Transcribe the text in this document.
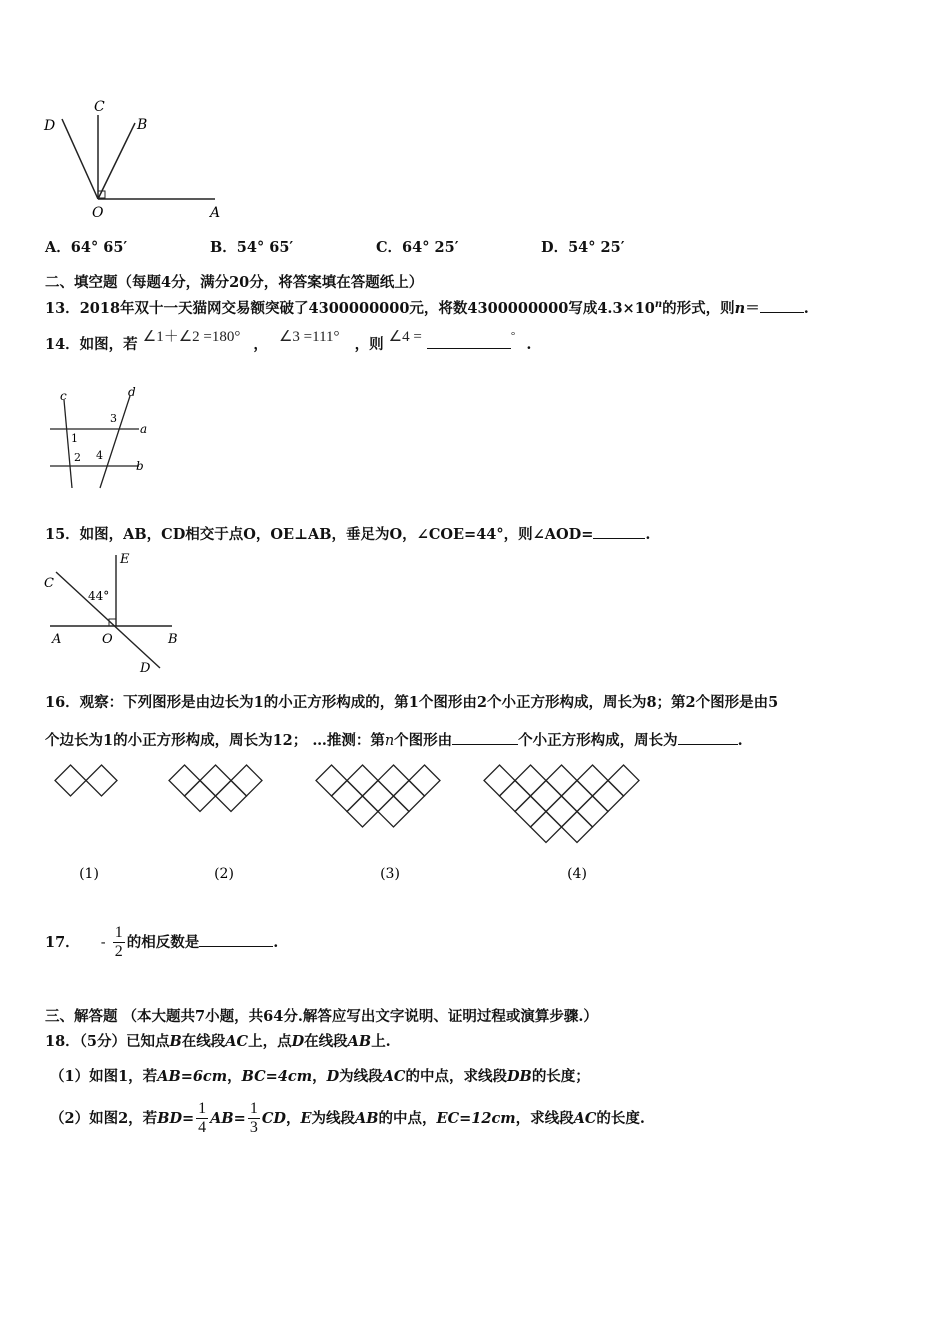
C
B
D
O	A
A．64° 65′	B．54° 65′	C．64° 25′	D．54° 25′
二、填空题（每题4分，满分20分，将答案填在答题纸上）
13．2018年双十一天猫网交易额突破了4300000000元，将数4300000000写成$4.3\times 10^n$的形式，则n＝	.
14．如图，若 ∠1＋∠2 =180° ， ∠3 =111° ，则 ∠4 =	° .
c	d
a
b
1
2
3
4
15．如图，AB，CD相交于点O，OE⊥AB，垂足为O，∠COE=44°，则∠AOD=	.
E
C
44°
A	O	B
D
16．观察：下列图形是由边长为1的小正方形构成的，第1个图形由2个小正方形构成，周长为8；第2个图形是由5
个边长为1的小正方形构成，周长为12； …推测：第n个图形由	个小正方形构成，周长为	.
(1)	(2)	(3)	(4)
17． - $\frac{1}{2}$ 的相反数是	.
三、解答题 （本大题共7小题，共64分.解答应写出文字说明、证明过程或演算步骤.）
18．（5分）已知点B在线段AC上，点D在线段AB上.
（1）如图1，若AB=6cm，BC=4cm，D为线段AC的中点，求线段DB的长度；
（2）如图2，若$BD= \frac{1}{4} AB= \frac{1}{3}$ CD，E为线段AB的中点，EC=12cm，求线段AC的长度.
